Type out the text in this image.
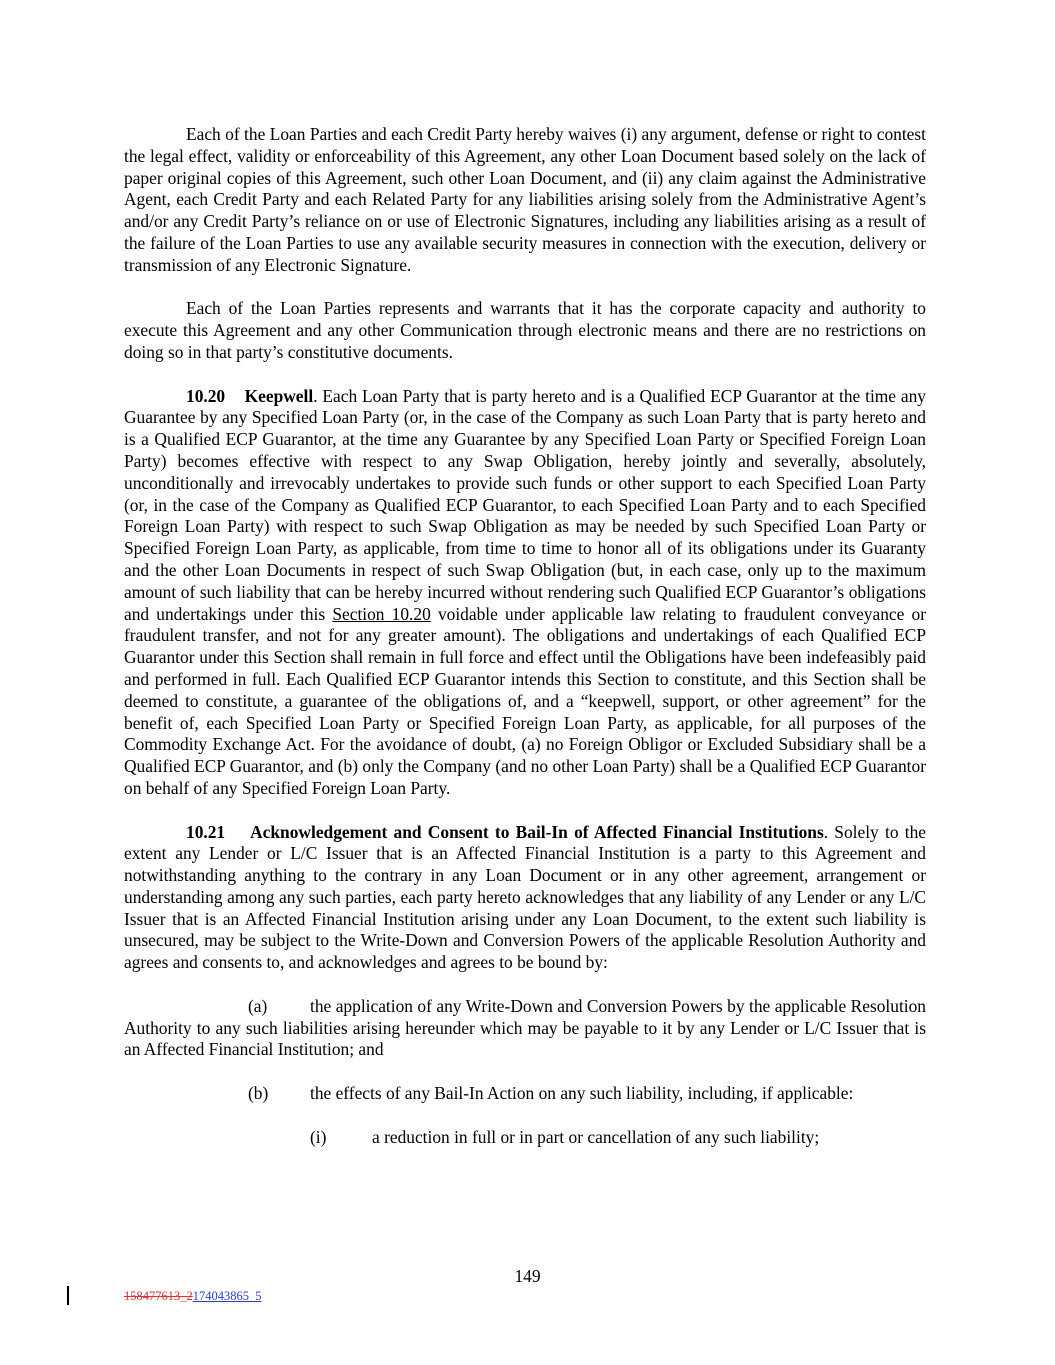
Each of the Loan Parties and each Credit Party hereby waives (i) any argument, defense or right to contest the legal effect, validity or enforceability of this Agreement, any other Loan Document based solely on the lack of paper original copies of this Agreement, such other Loan Document, and (ii) any claim against the Administrative Agent, each Credit Party and each Related Party for any liabilities arising solely from the Administrative Agent’s and/or any Credit Party’s reliance on or use of Electronic Signatures, including any liabilities arising as a result of the failure of the Loan Parties to use any available security measures in connection with the execution, delivery or transmission of any Electronic Signature.

Each of the Loan Parties represents and warrants that it has the corporate capacity and authority to execute this Agreement and any other Communication through electronic means and there are no restrictions on doing so in that party’s constitutive documents.

10.20 Keepwell. Each Loan Party that is party hereto and is a Qualified ECP Guarantor at the time any Guarantee by any Specified Loan Party (or, in the case of the Company as such Loan Party that is party hereto and is a Qualified ECP Guarantor, at the time any Guarantee by any Specified Loan Party or Specified Foreign Loan Party) becomes effective with respect to any Swap Obligation, hereby jointly and severally, absolutely, unconditionally and irrevocably undertakes to provide such funds or other support to each Specified Loan Party (or, in the case of the Company as Qualified ECP Guarantor, to each Specified Loan Party and to each Specified Foreign Loan Party) with respect to such Swap Obligation as may be needed by such Specified Loan Party or Specified Foreign Loan Party, as applicable, from time to time to honor all of its obligations under its Guaranty and the other Loan Documents in respect of such Swap Obligation (but, in each case, only up to the maximum amount of such liability that can be hereby incurred without rendering such Qualified ECP Guarantor’s obligations and undertakings under this Section 10.20 voidable under applicable law relating to fraudulent conveyance or fraudulent transfer, and not for any greater amount). The obligations and undertakings of each Qualified ECP Guarantor under this Section shall remain in full force and effect until the Obligations have been indefeasibly paid and performed in full. Each Qualified ECP Guarantor intends this Section to constitute, and this Section shall be deemed to constitute, a guarantee of the obligations of, and a “keepwell, support, or other agreement” for the benefit of, each Specified Loan Party or Specified Foreign Loan Party, as applicable, for all purposes of the Commodity Exchange Act. For the avoidance of doubt, (a) no Foreign Obligor or Excluded Subsidiary shall be a Qualified ECP Guarantor, and (b) only the Company (and no other Loan Party) shall be a Qualified ECP Guarantor on behalf of any Specified Foreign Loan Party.

10.21 Acknowledgement and Consent to Bail-In of Affected Financial Institutions. Solely to the extent any Lender or L/C Issuer that is an Affected Financial Institution is a party to this Agreement and notwithstanding anything to the contrary in any Loan Document or in any other agreement, arrangement or understanding among any such parties, each party hereto acknowledges that any liability of any Lender or any L/C Issuer that is an Affected Financial Institution arising under any Loan Document, to the extent such liability is unsecured, may be subject to the Write-Down and Conversion Powers of the applicable Resolution Authority and agrees and consents to, and acknowledges and agrees to be bound by:

(a) the application of any Write-Down and Conversion Powers by the applicable Resolution Authority to any such liabilities arising hereunder which may be payable to it by any Lender or L/C Issuer that is an Affected Financial Institution; and

(b) the effects of any Bail-In Action on any such liability, including, if applicable:

(i)	a reduction in full or in part or cancellation of any such liability;

149
158477613_2174043865_5
